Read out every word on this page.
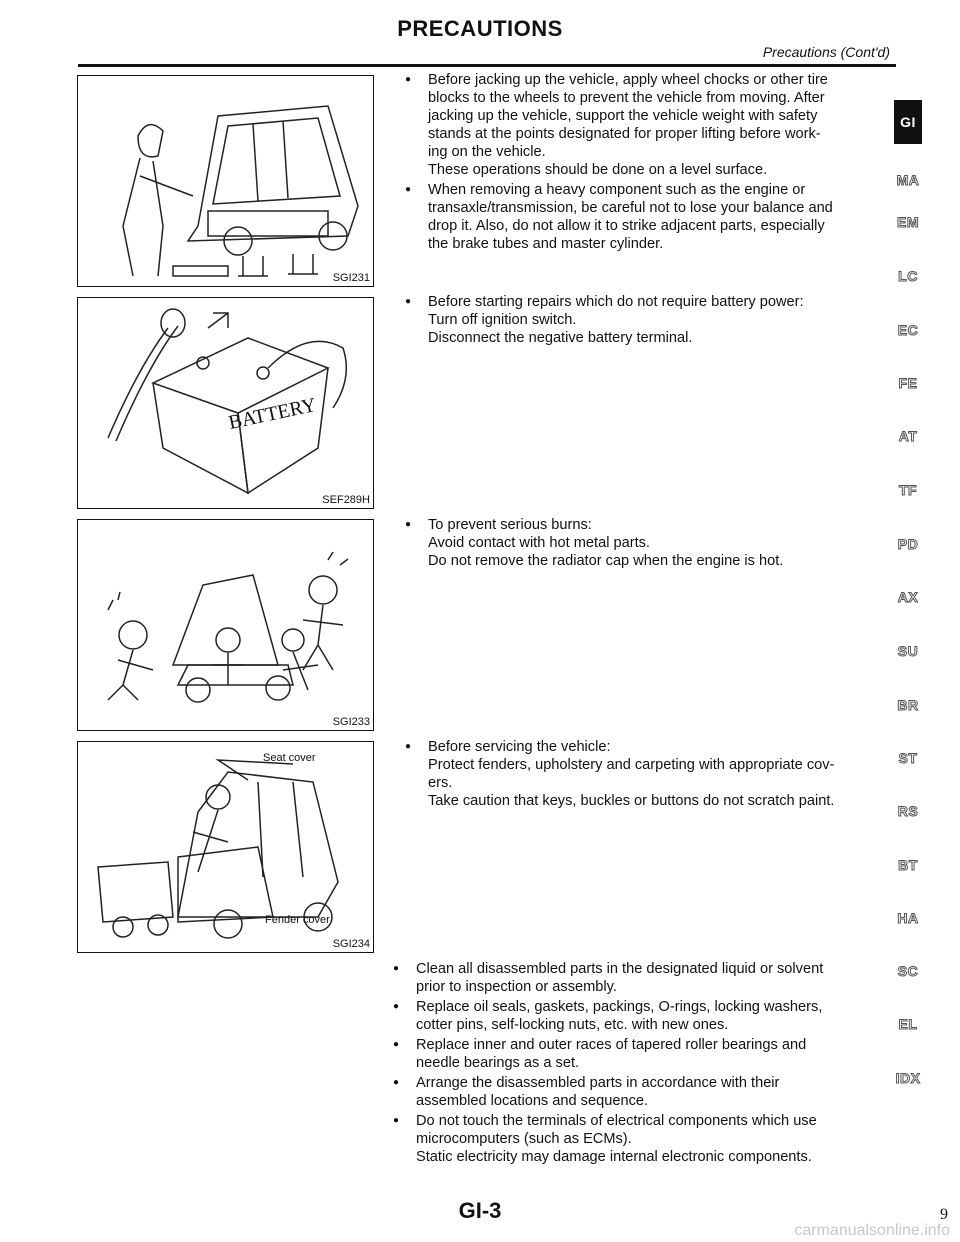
PRECAUTIONS
Precautions (Cont'd)
SGI231
BATTERY
SEF289H
SGI233
Seat cover
Fender cover
SGI234
● Before jacking up the vehicle, apply wheel chocks or other tire
blocks to the wheels to prevent the vehicle from moving. After
jacking up the vehicle, support the vehicle weight with safety
stands at the points designated for proper lifting before work-
ing on the vehicle.
These operations should be done on a level surface.
● When removing a heavy component such as the engine or
transaxle/transmission, be careful not to lose your balance and
drop it. Also, do not allow it to strike adjacent parts, especially
the brake tubes and master cylinder.
● Before starting repairs which do not require battery power:
Turn off ignition switch.
Disconnect the negative battery terminal.
● To prevent serious burns:
Avoid contact with hot metal parts.
Do not remove the radiator cap when the engine is hot.
● Before servicing the vehicle:
Protect fenders, upholstery and carpeting with appropriate cov-
ers.
Take caution that keys, buckles or buttons do not scratch paint.
● Clean all disassembled parts in the designated liquid or solvent
prior to inspection or assembly.
● Replace oil seals, gaskets, packings, O-rings, locking washers,
cotter pins, self-locking nuts, etc. with new ones.
● Replace inner and outer races of tapered roller bearings and
needle bearings as a set.
● Arrange the disassembled parts in accordance with their
assembled locations and sequence.
● Do not touch the terminals of electrical components which use
microcomputers (such as ECMs).
Static electricity may damage internal electronic components.
GI
MA
EM
LC
EC
FE
AT
TF
PD
AX
SU
BR
ST
RS
BT
HA
SC
EL
IDX
GI-3	9
carmanualsonline.info
